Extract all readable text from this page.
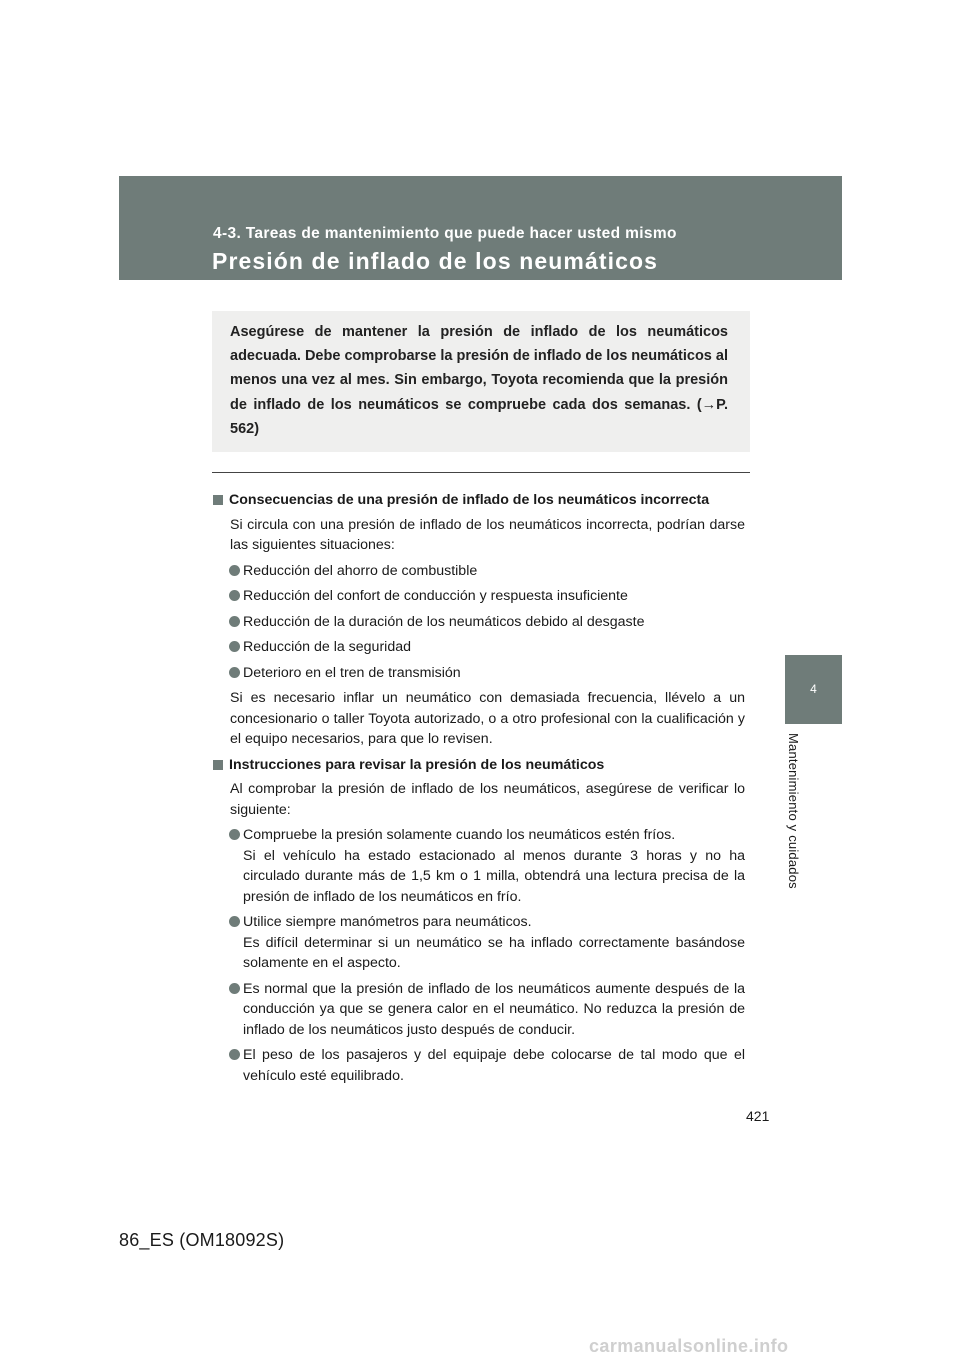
4-3. Tareas de mantenimiento que puede hacer usted mismo
Presión de inflado de los neumáticos
Asegúrese de mantener la presión de inflado de los neumáticos adecuada. Debe comprobarse la presión de inflado de los neumáticos al menos una vez al mes. Sin embargo, Toyota recomienda que la presión de inflado de los neumáticos se compruebe cada dos semanas. (→P. 562)
Consecuencias de una presión de inflado de los neumáticos incorrecta
Si circula con una presión de inflado de los neumáticos incorrecta, podrían darse las siguientes situaciones:
Reducción del ahorro de combustible
Reducción del confort de conducción y respuesta insuficiente
Reducción de la duración de los neumáticos debido al desgaste
Reducción de la seguridad
Deterioro en el tren de transmisión
Si es necesario inflar un neumático con demasiada frecuencia, llévelo a un concesionario o taller Toyota autorizado, o a otro profesional con la cualificación y el equipo necesarios, para que lo revisen.
Instrucciones para revisar la presión de los neumáticos
Al comprobar la presión de inflado de los neumáticos, asegúrese de verificar lo siguiente:
Compruebe la presión solamente cuando los neumáticos estén fríos.
Si el vehículo ha estado estacionado al menos durante 3 horas y no ha circulado durante más de 1,5 km o 1 milla, obtendrá una lectura precisa de la presión de inflado de los neumáticos en frío.
Utilice siempre manómetros para neumáticos.
Es difícil determinar si un neumático se ha inflado correctamente basándose solamente en el aspecto.
Es normal que la presión de inflado de los neumáticos aumente después de la conducción ya que se genera calor en el neumático. No reduzca la presión de inflado de los neumáticos justo después de conducir.
El peso de los pasajeros y del equipaje debe colocarse de tal modo que el vehículo esté equilibrado.
4
Mantenimiento y cuidados
421
86_ES (OM18092S)
carmanualsonline.info
